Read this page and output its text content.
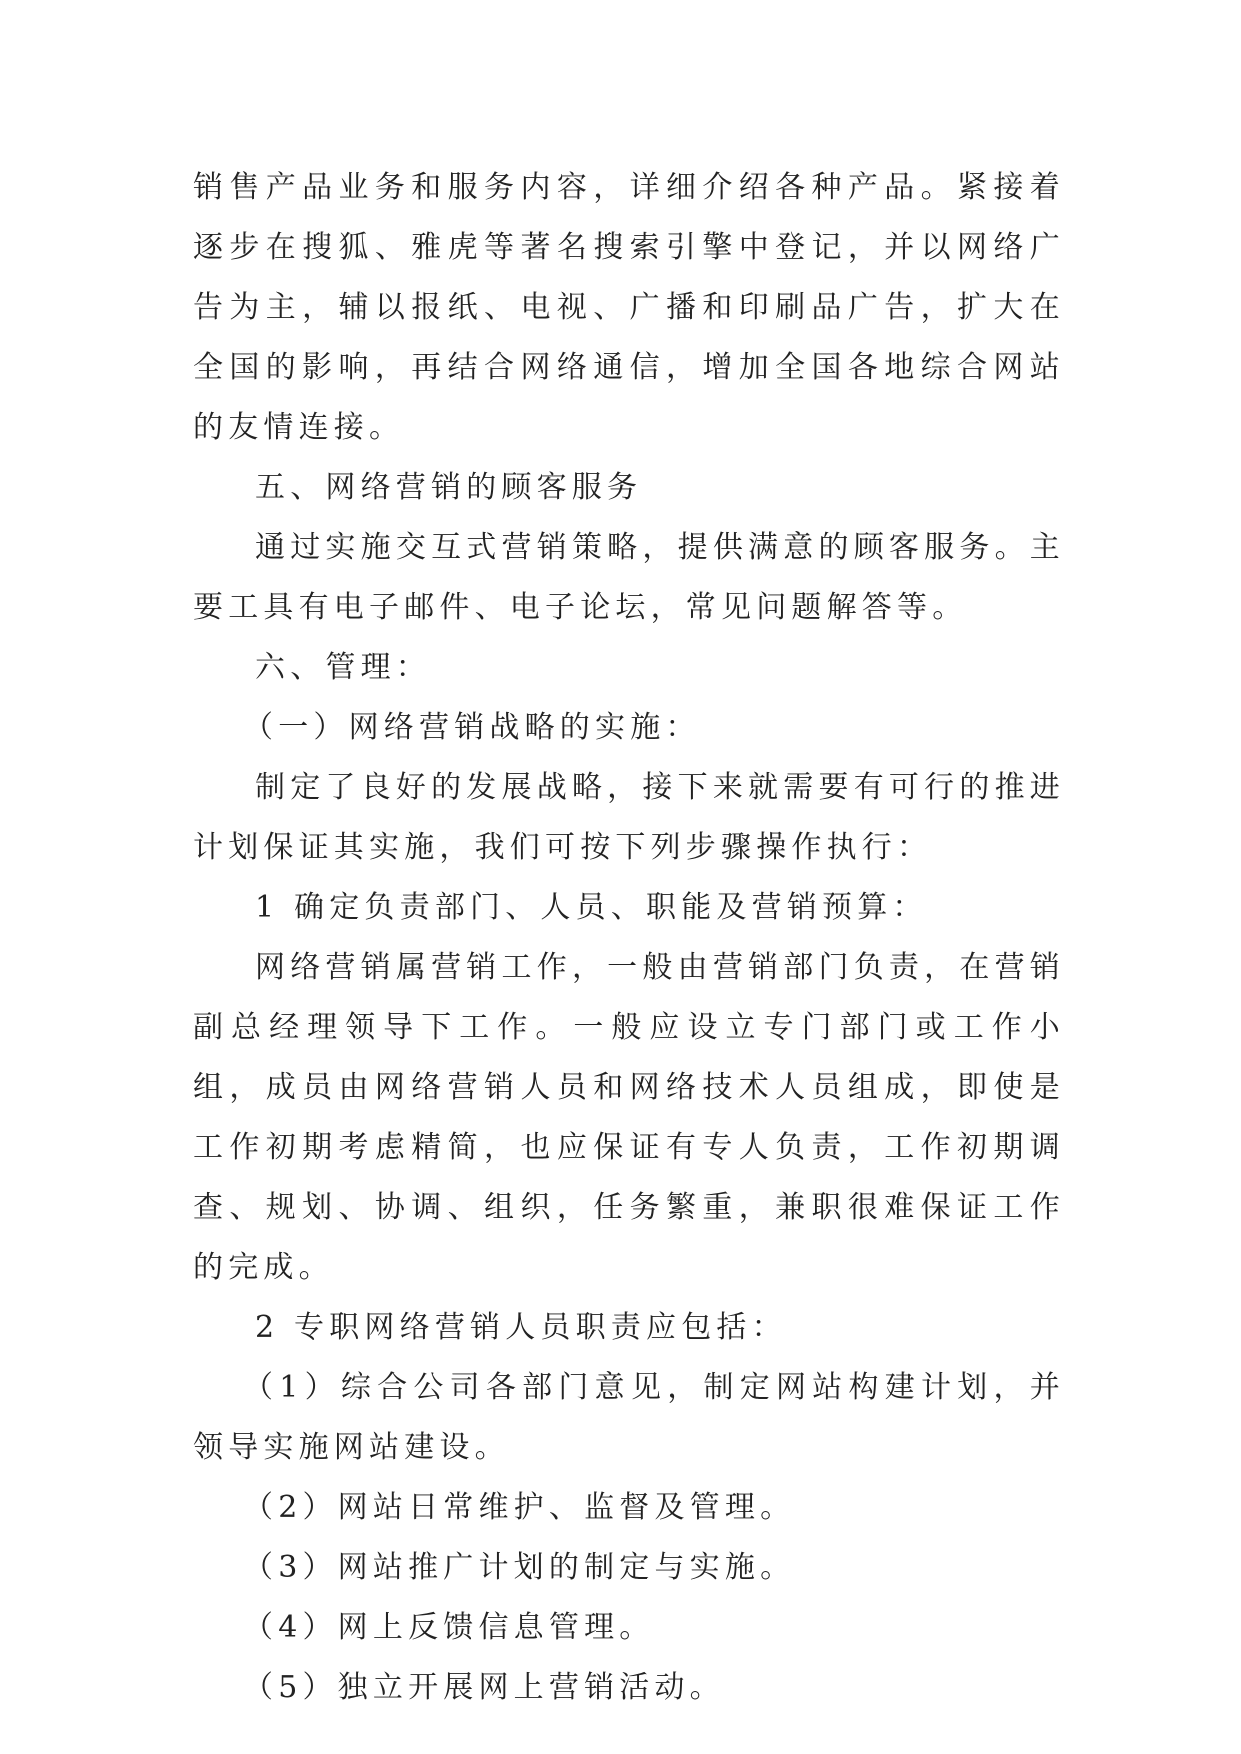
销售产品业务和服务内容，详细介绍各种产品。紧接着逐步在搜狐、雅虎等著名搜索引擎中登记，并以网络广告为主，辅以报纸、电视、广播和印刷品广告，扩大在全国的影响，再结合网络通信，增加全国各地综合网站的友情连接。

五、网络营销的顾客服务

通过实施交互式营销策略，提供满意的顾客服务。主要工具有电子邮件、电子论坛，常见问题解答等。

六、管理：

（一）网络营销战略的实施：

制定了良好的发展战略，接下来就需要有可行的推进计划保证其实施，我们可按下列步骤操作执行：

1 确定负责部门、人员、职能及营销预算：

网络营销属营销工作，一般由营销部门负责，在营销副总经理领导下工作。一般应设立专门部门或工作小组，成员由网络营销人员和网络技术人员组成，即使是工作初期考虑精简，也应保证有专人负责，工作初期调查、规划、协调、组织，任务繁重，兼职很难保证工作的完成。

2 专职网络营销人员职责应包括：

（1）综合公司各部门意见，制定网站构建计划，并领导实施网站建设。

（2）网站日常维护、监督及管理。

（3）网站推广计划的制定与实施。

（4）网上反馈信息管理。

（5）独立开展网上营销活动。
